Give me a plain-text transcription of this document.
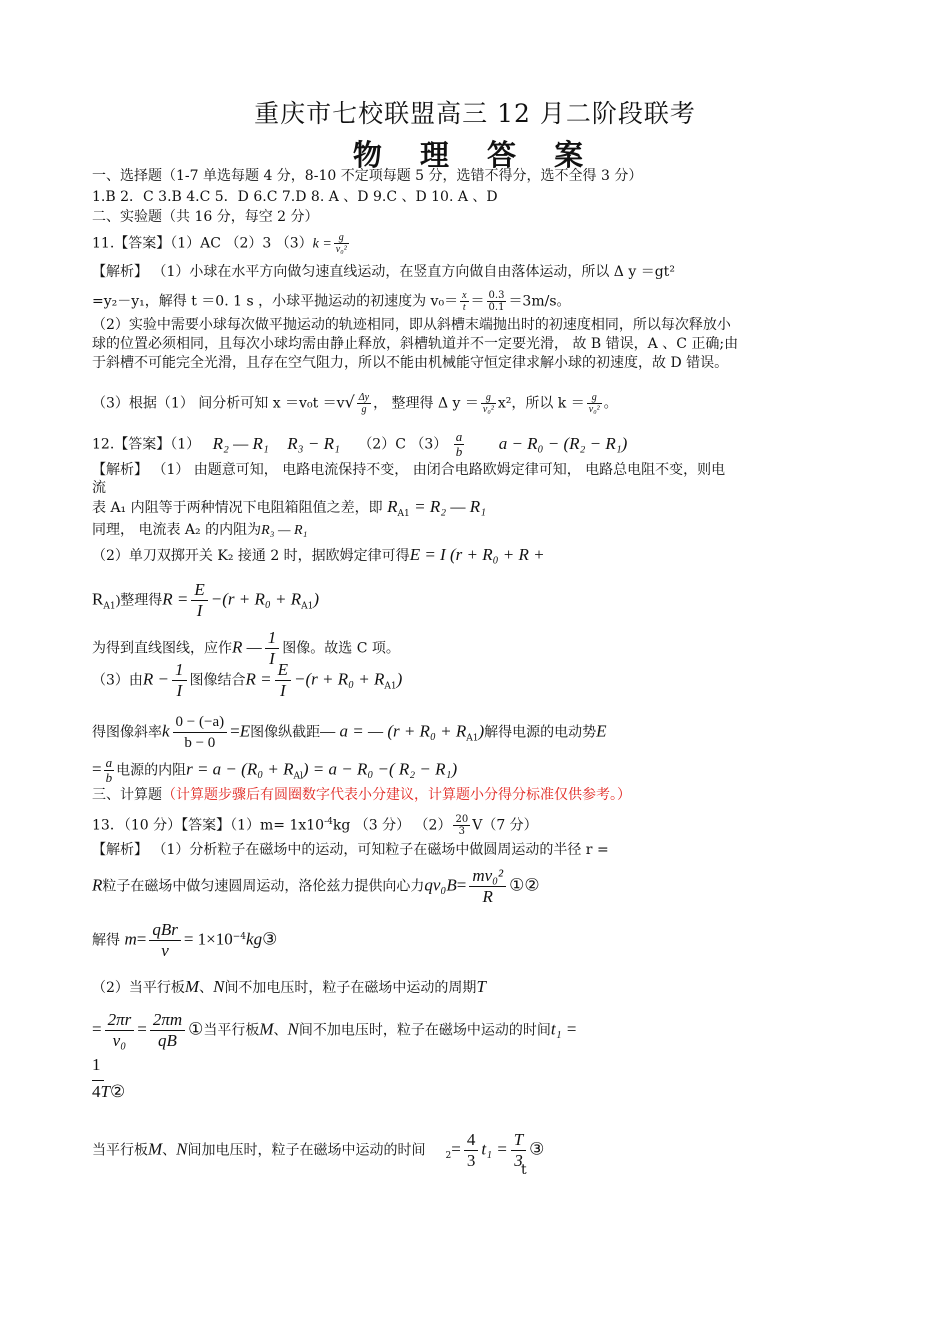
重庆市七校联盟高三 12 月二阶段联考
物 理 答 案
一、选择题（1-7 单选每题 4 分，8-10 不定项每题 5 分，选错不得分，选不全得 3 分）
1.B 2．C 3.B 4.C 5．D 6.C 7.D 8. A 、D 9.C 、D 10. A 、D
二、实验题（共 16 分，每空 2 分）
11.【答案】（1）AC （2）3 $(3)k = \frac{g}{\text{v₀²}}$
【解析】 （1）小球在水平方向做匀速直线运动，在竖直方向做自由落体运动，所以 Δ y ＝gt²
=y₂－y₁，解得 t ＝0. 1 s ，小球平抛运动的初速度为 $v_0= \frac{x}{t} = \frac{0.3}{0.1} =3m/s$。
（2）实验中需要小球每次做平抛运动的轨迹相同，即从斜槽末端抛出时的初速度相同，所以每次释放小
球的位置必须相同，且每次小球均需由静止释放，斜槽轨道并不一定要光滑， 故 B 错误，A 、C 正确;由
于斜槽不可能完全光滑，且存在空气阻力，所以不能由机械能守恒定律求解小球的初速度，故 D 错误。
（3）根据（1） 间分析可知 $x =v_0t =v√ \frac{\Delta y}{g}$ ， 整理得 Δ $y = \frac{g}{\text{v₀²}} x^2$，所以 $k = \frac{g}{\text{v₀²}}$ 。
12.【答案】（1） R₂ — R₁ R₃ − R₁ （2）C $(3) \frac{a}{b}$ a − R₀ − (R₂ − R₁)
【解析】 （1） 由题意可知， 电路电流保持不变， 由闭合电路欧姆定律可知， 电路总电阻不变，则电
流
表 A₁ 内阻等于两种情况下电阻箱阻值之差，即 $R_{A1} = R_2$ — R₁
同理， 电流表 A₂ 的内阻为R₃ — R₁
（2）单刀双掷开关 K₂ 接通 2 时，据欧姆定律可得E = I (r + R₀ + R +
$R_{A1}$)整理得$R = \frac{E}{I} -(r + R_0 + R_{A1})$
为得到直线图线，应作R — $\frac{1}{I}$ 图像。故选 C 项。
（3）由$R - \frac{1}{I}$ 图像结合$R = \frac{E}{I} -(r + R_0 + R_{A1})$
得图像斜率k $\frac{0 - (-a)}{b - 0} =E$图像纵截距— a = — $(r + R_0 + R_{A1})$解得电源的电动势E
= $\frac{a}{b}$ 电源的内阻$r = a - (R_0 + R_{Al}) = a - R_0$ −( R₂ − R₁)
三、计算题（计算题步骤后有圆圈数字代表小分建议，计算题小分得分标准仅供参考。）
13．（10 分）【答案】$(1)m= 1x10^{-4}kg$ （3 分） $(2) \frac{20}{3} V(7$ 分）
【解析】 （1）分析粒子在磁场中的运动，可知粒子在磁场中做圆周运动的半径 r =
R粒子在磁场中做匀速圆周运动，洛伦兹力提供向心力$qv_0B= \frac{\text{mv₀²}}{R}$ ①②
解得 m= qBr
v
= $1\times 10^{-4}kg③$
（2）当平行板M、N间不加电压时，粒子在磁场中运动的周期T
= $\frac{2\pi r}{\text{v₀}} = \frac{2\pi m}{qB}$ ①当平行板M、N间不加电压时，粒子在磁场中运动的时间t₁ =
1
4T②
当平行板M、N间加电压时，粒子在磁场中运动的时间 $_2= \frac{4}{3} t_1 = \frac{T}{3}$ ③
t
